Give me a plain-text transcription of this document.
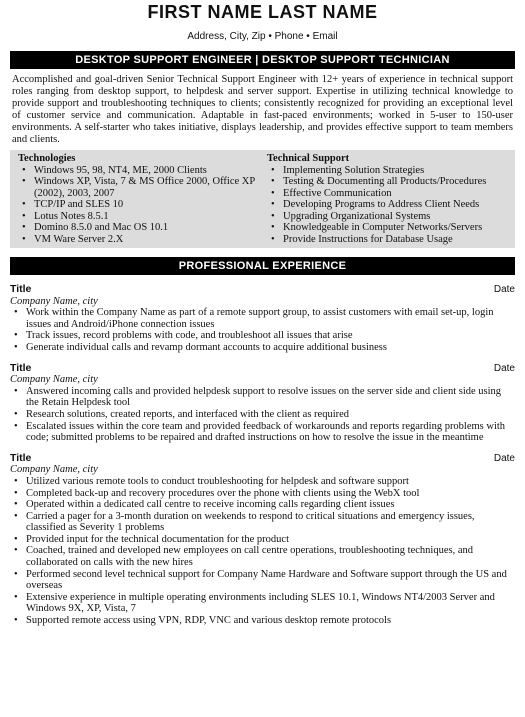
FIRST NAME LAST NAME
Address, City, Zip • Phone • Email
DESKTOP SUPPORT ENGINEER | DESKTOP SUPPORT TECHNICIAN
Accomplished and goal-driven Senior Technical Support Engineer with 12+ years of experience in technical support roles ranging from desktop support, to helpdesk and server support. Expertise in utilizing technical knowledge to provide support and troubleshooting techniques to clients; consistently recognized for providing an exceptional level of customer service and communication. Adaptable in fast-paced environments; worked in 5-user to 150-user environments. A self-starter who takes initiative, displays leadership, and provides effective support to team members and clients.
Technologies
• Windows 95, 98, NT4, ME, 2000 Clients
• Windows XP, Vista, 7 & MS Office 2000, Office XP (2002), 2003, 2007
• TCP/IP and SLES 10
• Lotus Notes 8.5.1
• Domino 8.5.0 and Mac OS 10.1
• VM Ware Server 2.X
Technical Support
• Implementing Solution Strategies
• Testing & Documenting all Products/Procedures
• Effective Communication
• Developing Programs to Address Client Needs
• Upgrading Organizational Systems
• Knowledgeable in Computer Networks/Servers
• Provide Instructions for Database Usage
PROFESSIONAL EXPERIENCE
Title	Date
Company Name, city
• Work within the Company Name as part of a remote support group, to assist customers with email set-up, login issues and Android/iPhone connection issues
• Track issues, record problems with code, and troubleshoot all issues that arise
• Generate individual calls and revamp dormant accounts to acquire additional business
Title	Date
Company Name, city
• Answered incoming calls and provided helpdesk support to resolve issues on the server side and client side using the Retain Helpdesk tool
• Research solutions, created reports, and interfaced with the client as required
• Escalated issues within the core team and provided feedback of workarounds and reports regarding problems with code; submitted problems to be repaired and drafted instructions on how to resolve the issue in the meantime
Title	Date
Company Name, city
• Utilized various remote tools to conduct troubleshooting for helpdesk and software support
• Completed back-up and recovery procedures over the phone with clients using the WebX tool
• Operated within a dedicated call centre to receive incoming calls regarding client issues
• Carried a pager for a 3-month duration on weekends to respond to critical situations and emergency issues, classified as Severity 1 problems
• Provided input for the technical documentation for the product
• Coached, trained and developed new employees on call centre operations, troubleshooting techniques, and collaborated on calls with the new hires
• Performed second level technical support for Company Name Hardware and Software support through the US and overseas
• Extensive experience in multiple operating environments including SLES 10.1, Windows NT4/2003 Server and Windows 9X, XP, Vista, 7
• Supported remote access using VPN, RDP, VNC and various desktop remote protocols
